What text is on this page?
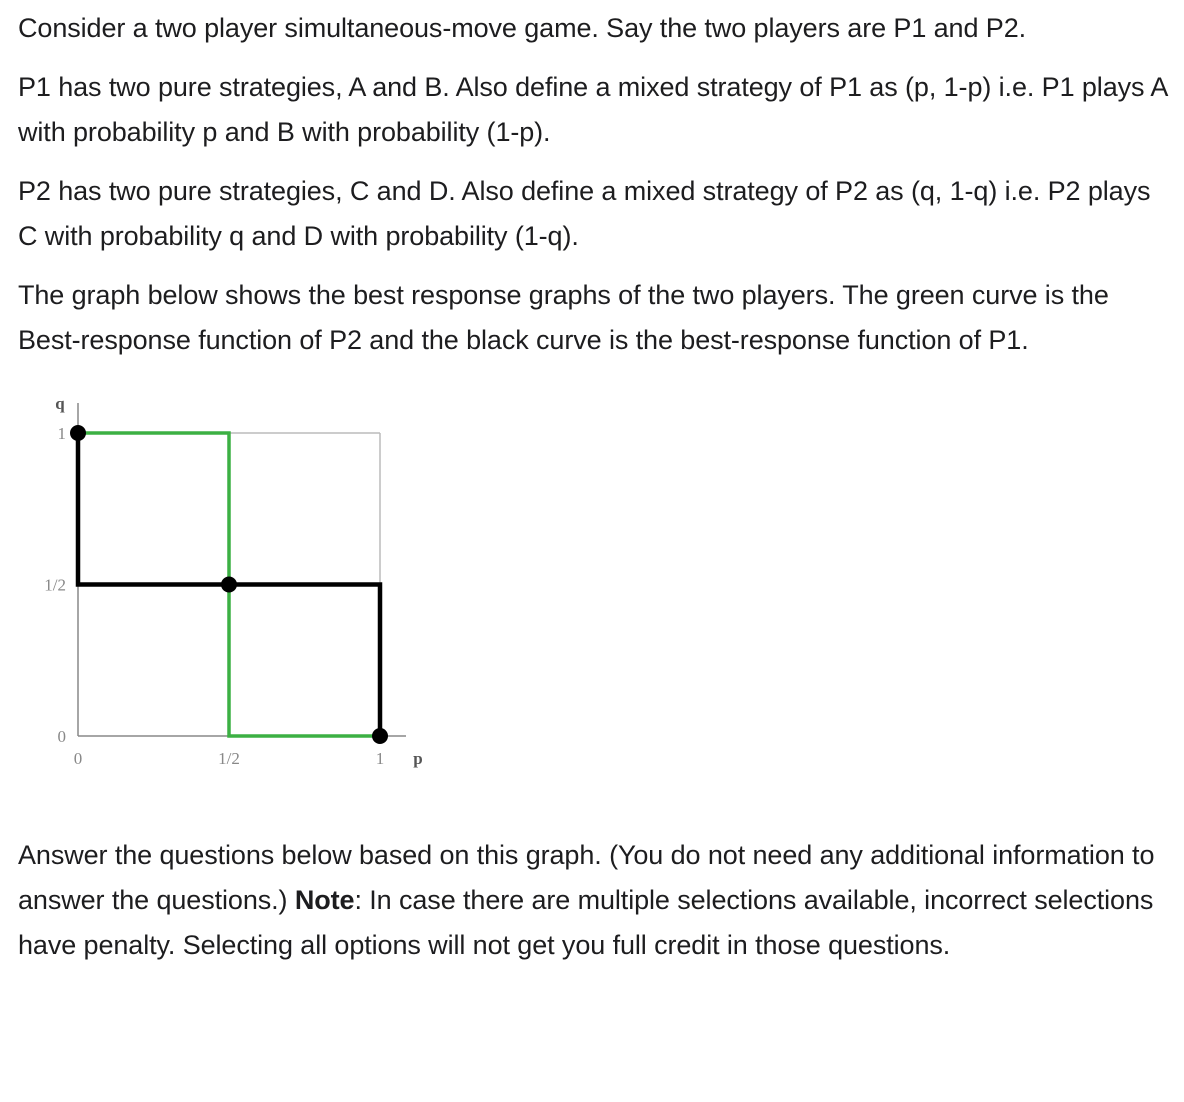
Consider a two player simultaneous-move game. Say the two players are P1 and P2.

P1 has two pure strategies, A and B. Also define a mixed strategy of P1 as (p, 1-p) i.e. P1 plays A with probability p and B with probability (1-p).

P2 has two pure strategies, C and D. Also define a mixed strategy of P2 as (q, 1-q) i.e. P2 plays C with probability q and D with probability (1-q).

The graph below shows the best response graphs of the two players. The green curve is the Best-response function of P2 and the black curve is the best-response function of P1.

0	1/2	1
0
1/2
1
p
q

Answer the questions below based on this graph. (You do not need any additional information to answer the questions.) Note: In case there are multiple selections available, incorrect selections have penalty. Selecting all options will not get you full credit in those questions.
